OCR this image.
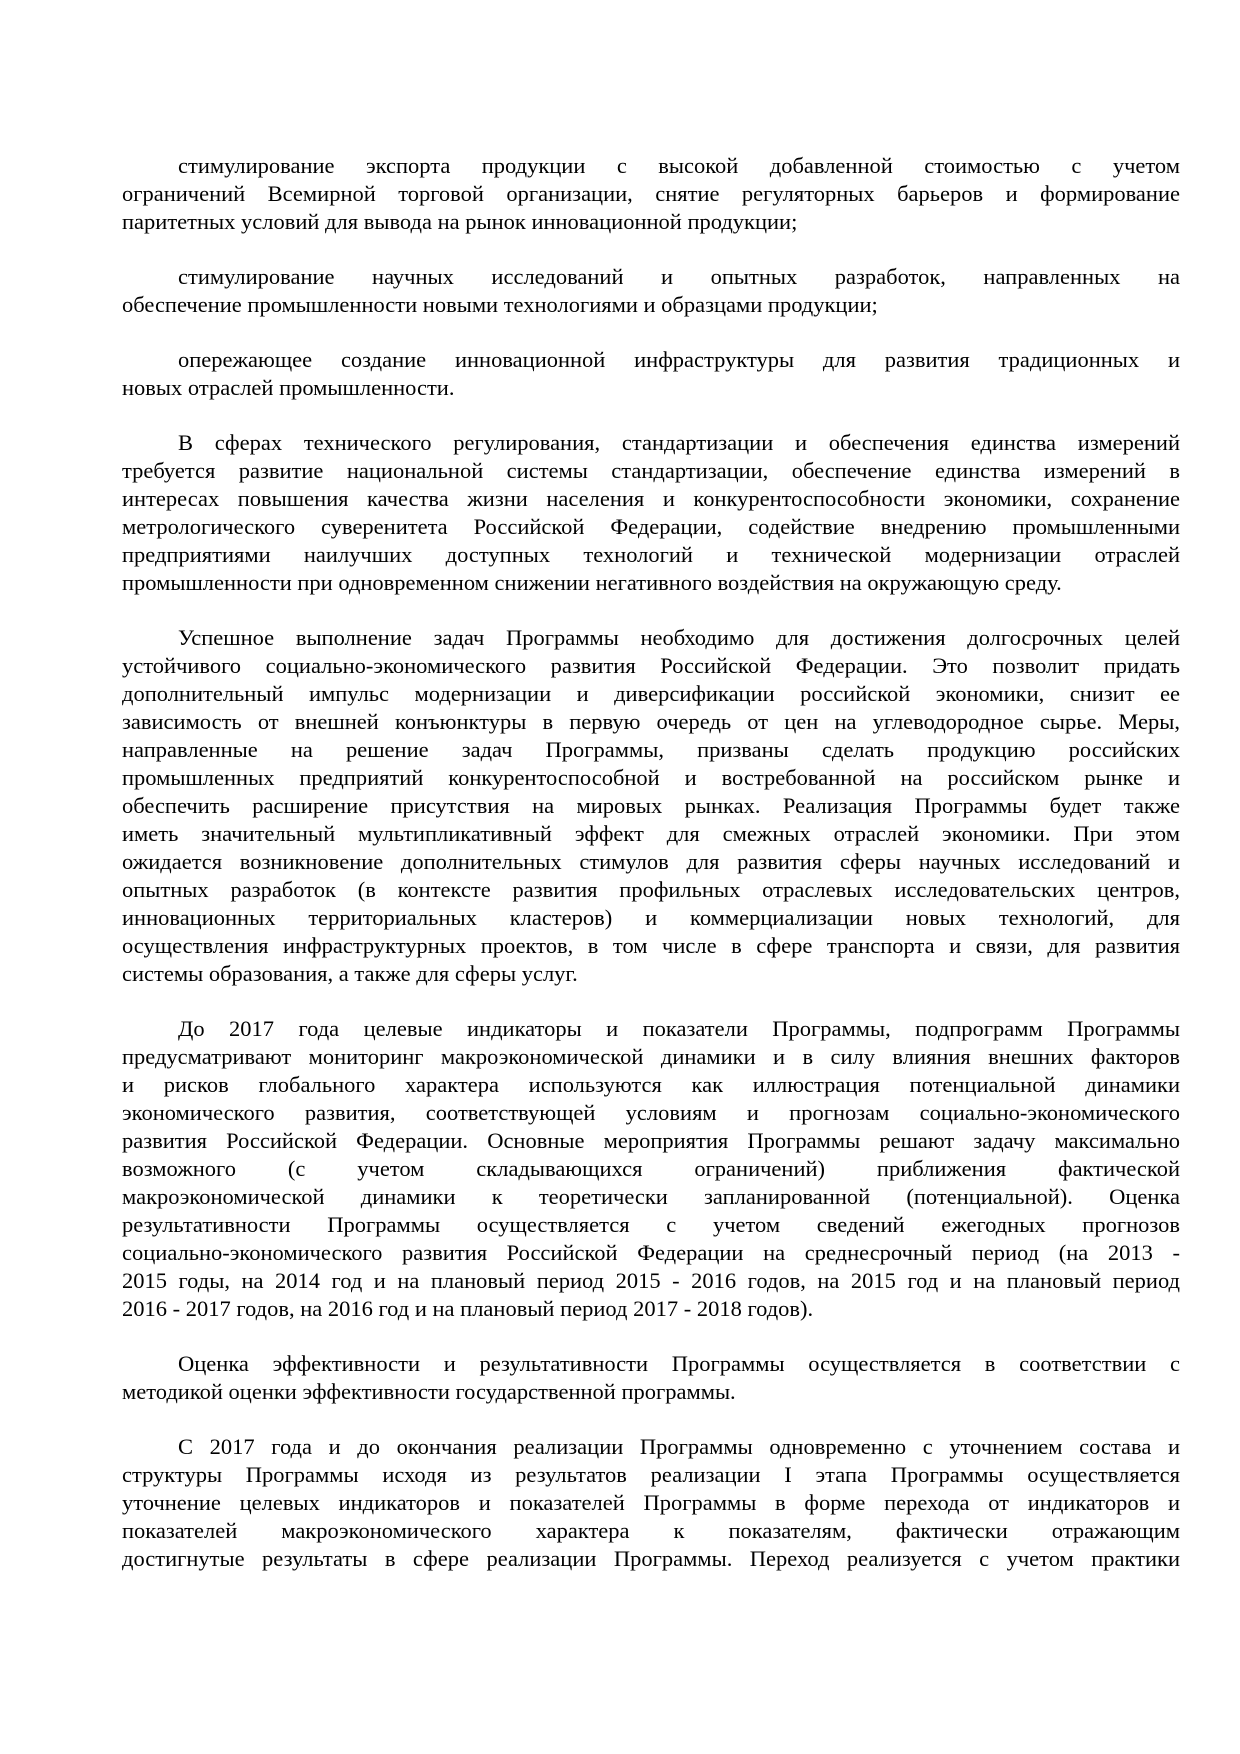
стимулирование экспорта продукции с высокой добавленной стоимостью с учетом
ограничений Всемирной торговой организации, снятие регуляторных барьеров и формирование
паритетных условий для вывода на рынок инновационной продукции;
стимулирование научных исследований и опытных разработок, направленных на
обеспечение промышленности новыми технологиями и образцами продукции;
опережающее создание инновационной инфраструктуры для развития традиционных и
новых отраслей промышленности.
В сферах технического регулирования, стандартизации и обеспечения единства измерений
требуется развитие национальной системы стандартизации, обеспечение единства измерений в
интересах повышения качества жизни населения и конкурентоспособности экономики, сохранение
метрологического суверенитета Российской Федерации, содействие внедрению промышленными
предприятиями наилучших доступных технологий и технической модернизации отраслей
промышленности при одновременном снижении негативного воздействия на окружающую среду.
Успешное выполнение задач Программы необходимо для достижения долгосрочных целей
устойчивого социально-экономического развития Российской Федерации. Это позволит придать
дополнительный импульс модернизации и диверсификации российской экономики, снизит ее
зависимость от внешней конъюнктуры в первую очередь от цен на углеводородное сырье. Меры,
направленные на решение задач Программы, призваны сделать продукцию российских
промышленных предприятий конкурентоспособной и востребованной на российском рынке и
обеспечить расширение присутствия на мировых рынках. Реализация Программы будет также
иметь значительный мультипликативный эффект для смежных отраслей экономики. При этом
ожидается возникновение дополнительных стимулов для развития сферы научных исследований и
опытных разработок (в контексте развития профильных отраслевых исследовательских центров,
инновационных территориальных кластеров) и коммерциализации новых технологий, для
осуществления инфраструктурных проектов, в том числе в сфере транспорта и связи, для развития
системы образования, а также для сферы услуг.
До 2017 года целевые индикаторы и показатели Программы, подпрограмм Программы
предусматривают мониторинг макроэкономической динамики и в силу влияния внешних факторов
и рисков глобального характера используются как иллюстрация потенциальной динамики
экономического развития, соответствующей условиям и прогнозам социально-экономического
развития Российской Федерации. Основные мероприятия Программы решают задачу максимально
возможного (с учетом складывающихся ограничений) приближения фактической
макроэкономической динамики к теоретически запланированной (потенциальной). Оценка
результативности Программы осуществляется с учетом сведений ежегодных прогнозов
социально-экономического развития Российской Федерации на среднесрочный период (на 2013 -
2015 годы, на 2014 год и на плановый период 2015 - 2016 годов, на 2015 год и на плановый период
2016 - 2017 годов, на 2016 год и на плановый период 2017 - 2018 годов).
Оценка эффективности и результативности Программы осуществляется в соответствии с
методикой оценки эффективности государственной программы.
С 2017 года и до окончания реализации Программы одновременно с уточнением состава и
структуры Программы исходя из результатов реализации I этапа Программы осуществляется
уточнение целевых индикаторов и показателей Программы в форме перехода от индикаторов и
показателей макроэкономического характера к показателям, фактически отражающим
достигнутые результаты в сфере реализации Программы. Переход реализуется с учетом практики
